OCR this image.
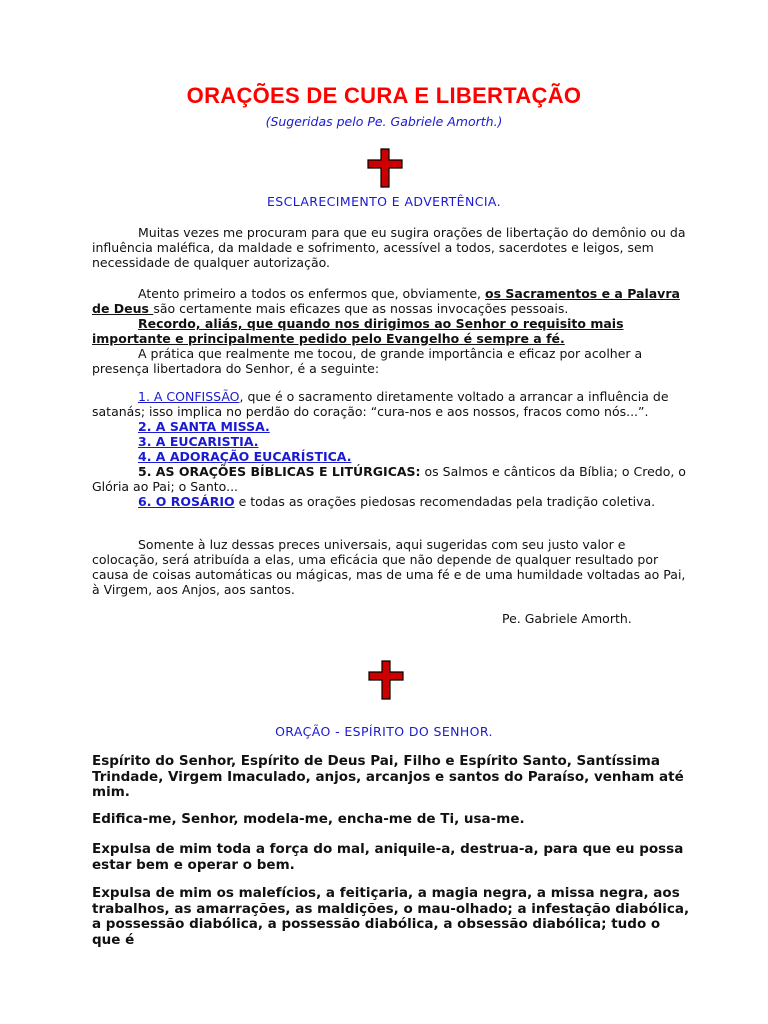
ORAÇÕES DE CURA E LIBERTAÇÃO
(Sugeridas pelo Pe. Gabriele Amorth.)
ESCLARECIMENTO E ADVERTÊNCIA.

Muitas vezes me procuram para que eu sugira orações de libertação do demônio ou da influência maléfica, da maldade e sofrimento, acessível a todos, sacerdotes e leigos, sem necessidade de qualquer autorização.

Atento primeiro a todos os enfermos que, obviamente, os Sacramentos e a Palavra de Deus são certamente mais eficazes que as nossas invocações pessoais.

Recordo, aliás, que quando nos dirigimos ao Senhor o requisito mais importante e principalmente pedido pelo Evangelho é sempre a fé.

A prática que realmente me tocou, de grande importância e eficaz por acolher a presença libertadora do Senhor, é a seguinte:

1. A CONFISSÃO, que é o sacramento diretamente voltado a arrancar a influência de satanás; isso implica no perdão do coração: “cura-nos e aos nossos, fracos como nós...”.

2. A SANTA MISSA.

3. A EUCARISTIA.

4. A ADORAÇÃO EUCARÍSTICA.

5. AS ORAÇÕES BÍBLICAS E LITÚRGICAS: os Salmos e cânticos da Bíblia; o Credo, o Glória ao Pai; o Santo...

6. O ROSÁRIO e todas as orações piedosas recomendadas pela tradição coletiva.

Somente à luz dessas preces universais, aqui sugeridas com seu justo valor e colocação, será atribuída a elas, uma eficácia que não depende de qualquer resultado por causa de coisas automáticas ou mágicas, mas de uma fé e de uma humildade voltadas ao Pai, à Virgem, aos Anjos, aos santos.

Pe. Gabriele Amorth.
ORAÇÃO - ESPÍRITO DO SENHOR.
Espírito do Senhor, Espírito de Deus Pai, Filho e Espírito Santo, Santíssima Trindade, Virgem Imaculado, anjos, arcanjos e santos do Paraíso, venham até mim.
Edifica-me, Senhor, modela-me, encha-me de Ti, usa-me.
Expulsa de mim toda a força do mal, aniquile-a, destrua-a, para que eu possa estar bem e operar o bem.
Expulsa de mim os malefícios, a feitiçaria, a magia negra, a missa negra, aos trabalhos, as amarrações, as maldições, o mau-olhado; a infestação diabólica, a possessão diabólica, a possessão diabólica, a obsessão diabólica; tudo o que é
